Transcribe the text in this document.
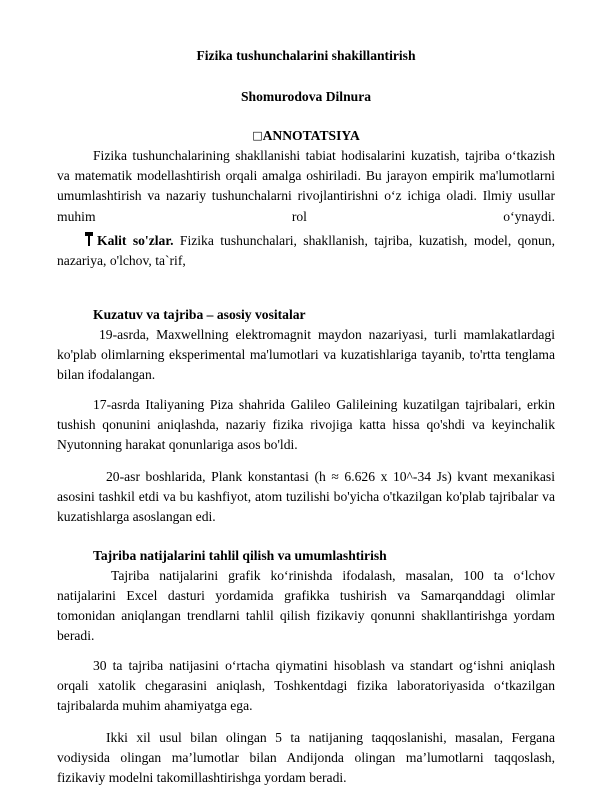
Fizika tushunchalarini shakillantirish
Shomurodova Dilnura
□ANNOTATSIYA

Fizika tushunchalarining shakllanishi tabiat hodisalarini kuzatish, tajriba o‘tkazish va matematik modellashtirish orqali amalga oshiriladi. Bu jarayon empirik ma'lumotlarni umumlashtirish va nazariy tushunchalarni rivojlantirishni o‘z ichiga oladi. Ilmiy usullar muhim rol o‘ynaydi.

Kalit so'zlar. Fizika tushunchalari, shakllanish, tajriba, kuzatish, model, qonun, nazariya, o'lchov, ta`rif,

Kuzatuv va tajriba – asosiy vositalar

19-asrda, Maxwellning elektromagnit maydon nazariyasi, turli mamlakatlardagi ko'plab olimlarning eksperimental ma'lumotlari va kuzatishlariga tayanib, to'rtta tenglama bilan ifodalangan.

17-asrda Italiyaning Piza shahrida Galileo Galileining kuzatilgan tajribalari, erkin tushish qonunini aniqlashda, nazariy fizika rivojiga katta hissa qo'shdi va keyinchalik Nyutonning harakat qonunlariga asos bo'ldi.

20-asr boshlarida, Plank konstantasi (h ≈ 6.626 x 10^-34 Js) kvant mexanikasi asosini tashkil etdi va bu kashfiyot, atom tuzilishi bo'yicha o'tkazilgan ko'plab tajribalar va kuzatishlarga asoslangan edi.

Tajriba natijalarini tahlil qilish va umumlashtirish

Tajriba natijalarini grafik ko‘rinishda ifodalash, masalan, 100 ta o‘lchov natijalarini Excel dasturi yordamida grafikka tushirish va Samarqanddagi olimlar tomonidan aniqlangan trendlarni tahlil qilish fizikaviy qonunni shakllantirishga yordam beradi.

30 ta tajriba natijasini o‘rtacha qiymatini hisoblash va standart og‘ishni aniqlash orqali xatolik chegarasini aniqlash, Toshkentdagi fizika laboratoriyasida o‘tkazilgan tajribalarda muhim ahamiyatga ega.

Ikki xil usul bilan olingan 5 ta natijaning taqqoslanishi, masalan, Fergana vodiysida olingan ma’lumotlar bilan Andijonda olingan ma’lumotlarni taqqoslash, fizikaviy modelni takomillashtirishga yordam beradi.
